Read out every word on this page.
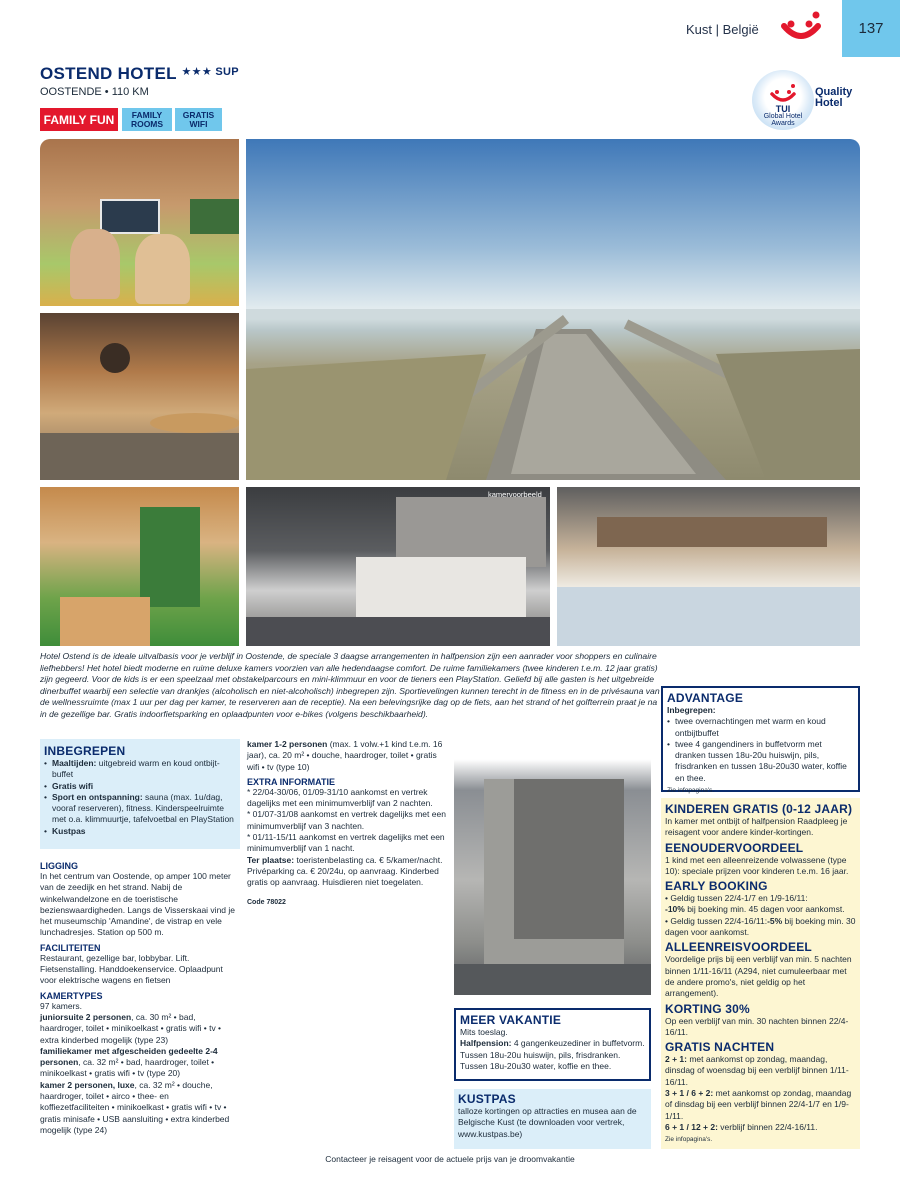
Kust | België	137
OSTEND HOTEL $^{★★★ SUP}$
OOSTENDE • 110 KM
FAMILY FUN	FAMILY ROOMS
GRATIS WIFI
TUI
Global Hotel
Awards
Quality
Hotel
kamervoorbeeld
Hotel Ostend is de ideale uitvalbasis voor je verblijf in Oostende, de speciale 3 daagse arrangementen in halfpension zijn een aanrader voor shoppers en culinaire liefhebbers! Het hotel biedt moderne en ruime deluxe kamers voorzien van alle hedendaagse comfort. De ruime familiekamers (twee kinderen t.e.m. 12 jaar gratis) zijn gegeerd. Voor de kids is er een speelzaal met obstakelparcours en mini-klimmuur en voor de tieners een PlayStation. Geliefd bij alle gasten is het uitgebreide dinerbuffet waarbij een selectie van drankjes (alcoholisch en niet-alcoholisch) inbegrepen zijn. Sportievelingen kunnen terecht in de fitness en in de privésauna van de wellnessruimte (max 1 uur per dag per kamer, te reserveren aan de receptie). Na een belevingsrijke dag op de fiets, aan het strand of het golfterrein praat je na in de gezellige bar. Gratis indoorfietsparking en oplaadpunten voor e-bikes (volgens beschikbaarheid).
INBEGREPEN
• Maaltijden: uitgebreid warm en koud ontbijt-buffet
• Gratis wifi
• Sport en ontspanning: sauna (max. 1u/dag, vooraf reserveren), fitness. Kinderspeelruimte met o.a. klimmuurtje, tafelvoetbal en PlayStation
• Kustpas
LIGGING
In het centrum van Oostende, op amper 100 meter van de zeedijk en het strand. Nabij de winkelwandelzone en de toeristische bezienswaardigheden. Langs de Visserskaai vind je het museumschip 'Amandine', de vistrap en vele lunchadresjes. Station op 500 m.
FACILITEITEN
Restaurant, gezellige bar, lobbybar. Lift. Fietsenstalling. Handdoekenservice. Oplaadpunt voor elektrische wagens en fietsen
KAMERTYPES
97 kamers.
juniorsuite 2 personen, ca. 30 m² • bad, haardroger, toilet • minikoelkast • gratis wifi • tv • extra kinderbed mogelijk (type 23)
familiekamer met afgescheiden gedeelte 2-4 personen, ca. 32 m² • bad, haardroger, toilet • minikoelkast • gratis wifi • tv (type 20)
kamer 2 personen, luxe, ca. 32 m² • douche, haardroger, toilet • airco • thee- en koffiezetfaciliteiten • minikoelkast • gratis wifi • tv • gratis minisafe • USB aansluiting • extra kinderbed mogelijk (type 24)
kamer 1-2 personen (max. 1 volw.+1 kind t.e.m. 16 jaar), ca. 20 m² • douche, haardroger, toilet • gratis wifi • tv (type 10)
EXTRA INFORMATIE
* 22/04-30/06, 01/09-31/10 aankomst en vertrek dagelijks met een minimumverblijf van 2 nachten.
* 01/07-31/08 aankomst en vertrek dagelijks met een minimumverblijf van 3 nachten.
* 01/11-15/11 aankomst en vertrek dagelijks met een minimumverblijf van 1 nacht.
Ter plaatse: toeristenbelasting ca. € 5/kamer/nacht. Privéparking ca. € 20/24u, op aanvraag. Kinderbed gratis op aanvraag. Huisdieren niet toegelaten.
Code 78022
MEER VAKANTIE
Mits toeslag.
Halfpension: 4 gangenkeuzediner in buffetvorm. Tussen 18u-20u huiswijn, pils, frisdranken. Tussen 18u-20u30 water, koffie en thee.
KUSTPAS
talloze kortingen op attracties en musea aan de Belgische Kust (te downloaden voor vertrek, www.kustpas.be)
ADVANTAGE
Inbegrepen:
• twee overnachtingen met warm en koud ontbijtbuffet
• twee 4 gangendiners in buffetvorm met dranken tussen 18u-20u huiswijn, pils, frisdranken en tussen 18u-20u30 water, koffie en thee.
Zie infopagina's.
KINDEREN GRATIS (0-12 JAAR)
In kamer met ontbijt of halfpension Raadpleeg je reisagent voor andere kinder-kortingen.
EENOUDERVOORDEEL
1 kind met een alleenreizende volwassene (type 10): speciale prijzen voor kinderen t.e.m. 16 jaar.
EARLY BOOKING
• Geldig tussen 22/4-1/7 en 1/9-16/11:
-10% bij boeking min. 45 dagen voor aankomst.
• Geldig tussen 22/4-16/11:-5% bij boeking min. 30 dagen voor aankomst.
ALLEENREISVOORDEEL
Voordelige prijs bij een verblijf van min. 5 nachten binnen 1/11-16/11 (A294, niet cumuleerbaar met de andere promo's, niet geldig op het arrangement).
KORTING 30%
Op een verblijf van min. 30 nachten binnen 22/4-16/11.
GRATIS NACHTEN
2 + 1: met aankomst op zondag, maandag, dinsdag of woensdag bij een verblijf binnen 1/11-16/11.
3 + 1 / 6 + 2: met aankomst op zondag, maandag of dinsdag bij een verblijf binnen 22/4-1/7 en 1/9-1/11.
6 + 1 / 12 + 2: verblijf binnen 22/4-16/11.
Zie infopagina's.
Contacteer je reisagent voor de actuele prijs van je droomvakantie
